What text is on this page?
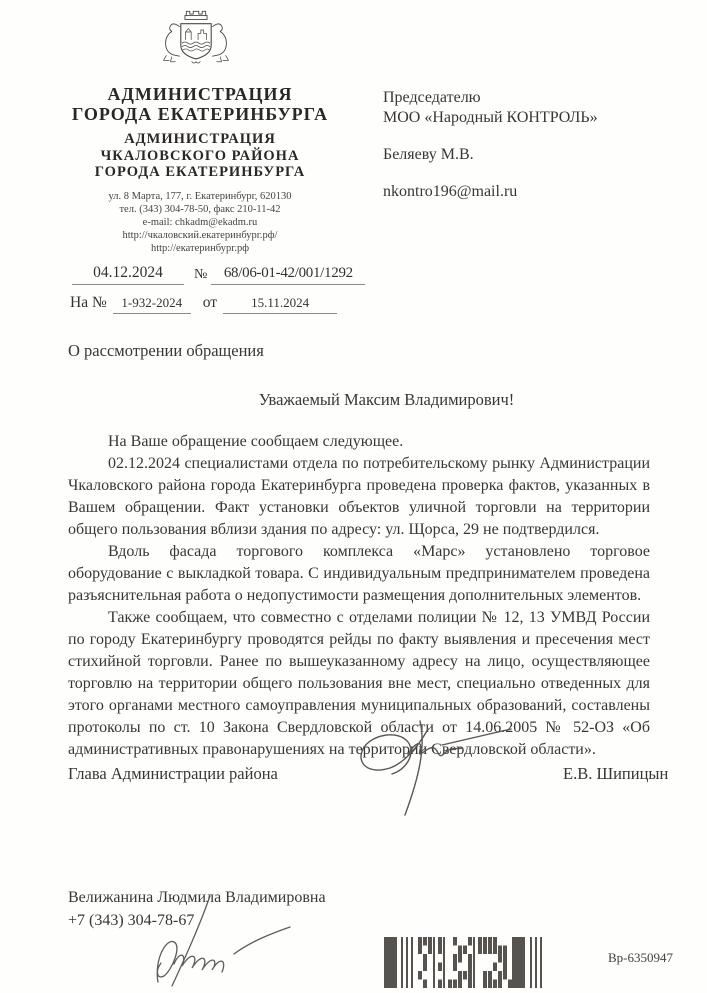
АДМИНИСТРАЦИЯ
ГОРОДА ЕКАТЕРИНБУРГА
АДМИНИСТРАЦИЯ
ЧКАЛОВСКОГО РАЙОНА
ГОРОДА ЕКАТЕРИНБУРГА
ул. 8 Марта, 177, г. Екатеринбург, 620130
тел. (343) 304-78-50, факс 210-11-42
e-mail: chkadm@ekadm.ru
http://чкаловский.екатеринбург.рф/
http://екатеринбург.рф
04.12.2024	№	68/06-01-42/001/1292
На №	1-932-2024	от	15.11.2024
Председателю
МОО «Народный КОНТРОЛЬ»
Беляеву М.В.
nkontro196@mail.ru
О рассмотрении обращения
Уважаемый Максим Владимирович!

На Ваше обращение сообщаем следующее.

02.12.2024 специалистами отдела по потребительскому рынку Администрации Чкаловского района города Екатеринбурга проведена проверка фактов, указанных в Вашем обращении. Факт установки объектов уличной торговли на территории общего пользования вблизи здания по адресу: ул. Щорса, 29 не подтвердился.

Вдоль фасада торгового комплекса «Марс» установлено торговое оборудование с выкладкой товара. С индивидуальным предпринимателем проведена разъяснительная работа о недопустимости размещения дополнительных элементов.

Также сообщаем, что совместно с отделами полиции № 12, 13 УМВД России по городу Екатеринбургу проводятся рейды по факту выявления и пресечения мест стихийной торговли. Ранее по вышеуказанному адресу на лицо, осуществляющее торговлю на территории общего пользования вне мест, специально отведенных для этого органами местного самоуправления муниципальных образований, составлены протоколы по ст. 10 Закона Свердловской области от 14.06.2005 № 52-ОЗ «Об административных правонарушениях на территории Свердловской области».

Глава Администрации района	Е.В. Шипицын
Велижанина Людмила Владимировна
+7 (343) 304-78-67
Вр-6350947
